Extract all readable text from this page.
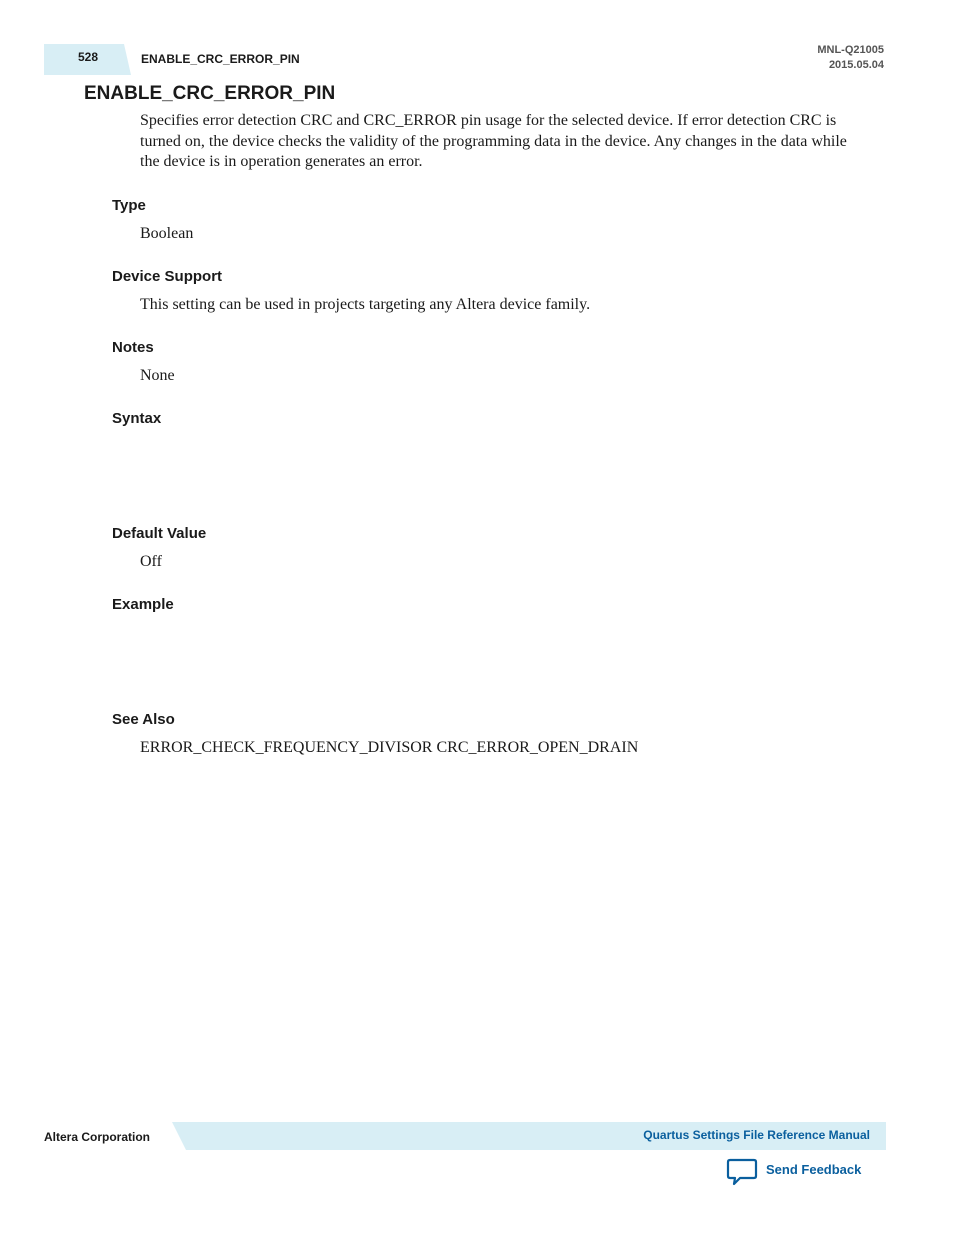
528	ENABLE_CRC_ERROR_PIN
MNL-Q21005
2015.05.04
ENABLE_CRC_ERROR_PIN

Specifies error detection CRC and CRC_ERROR pin usage for the selected device. If error detection CRC is turned on, the device checks the validity of the programming data in the device. Any changes in the data while the device is in operation generates an error.

Type

Boolean

Device Support

This setting can be used in projects targeting any Altera device family.

Notes

None

Syntax
Default Value

Off

Example
See Also

ERROR_CHECK_FREQUENCY_DIVISOR CRC_ERROR_OPEN_DRAIN

Altera Corporation	Quartus Settings File Reference Manual
Send Feedback
